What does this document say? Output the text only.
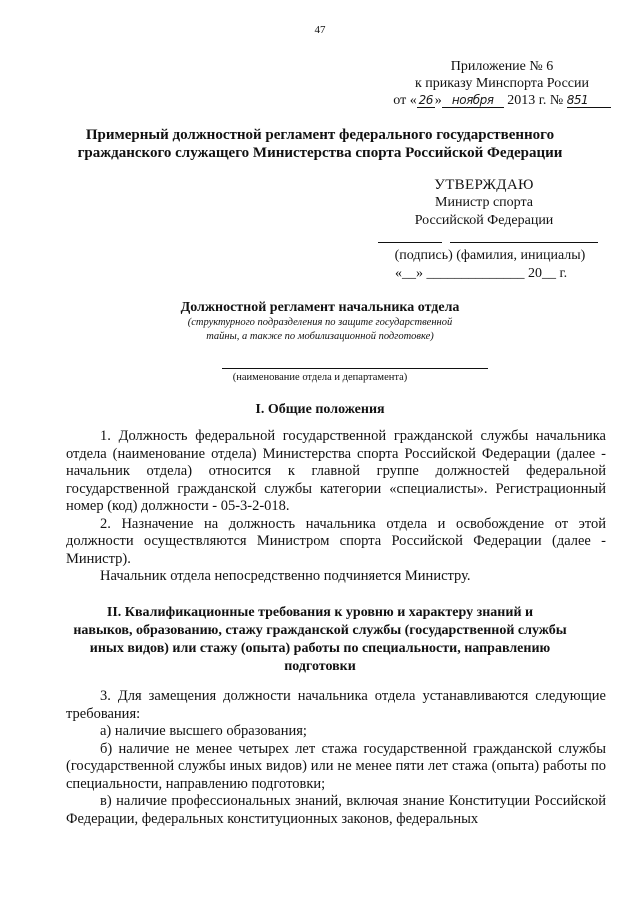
47
Приложение № 6
к приказу Минспорта России
от « 26 » ноября 2013 г. № 851
Примерный должностной регламент федерального государственного
гражданского служащего Министерства спорта Российской Федерации
УТВЕРЖДАЮ
Министр спорта
Российской Федерации
(подпись) (фамилия, инициалы)
«__» ______________ 20__ г.
Должностной регламент начальника отдела
(структурного подразделения по защите государственной
тайны, а также по мобилизационной подготовке)
(наименование отдела и департамента)
I. Общие положения

1. Должность федеральной государственной гражданской службы начальника отдела (наименование отдела) Министерства спорта Российской Федерации (далее - начальник отдела) относится к главной группе должностей федеральной государственной гражданской службы категории «специалисты». Регистрационный номер (код) должности - 05-3-2-018.

2. Назначение на должность начальника отдела и освобождение от этой должности осуществляются Министром спорта Российской Федерации (далее - Министр).

Начальник отдела непосредственно подчиняется Министру.

II. Квалификационные требования к уровню и характеру знаний и
навыков, образованию, стажу гражданской службы (государственной службы
иных видов) или стажу (опыта) работы по специальности, направлению
подготовки

3. Для замещения должности начальника отдела устанавливаются следующие требования:

а) наличие высшего образования;

б) наличие не менее четырех лет стажа государственной гражданской службы (государственной службы иных видов) или не менее пяти лет стажа (опыта) работы по специальности, направлению подготовки;

в) наличие профессиональных знаний, включая знание Конституции Российской Федерации, федеральных конституционных законов, федеральных
